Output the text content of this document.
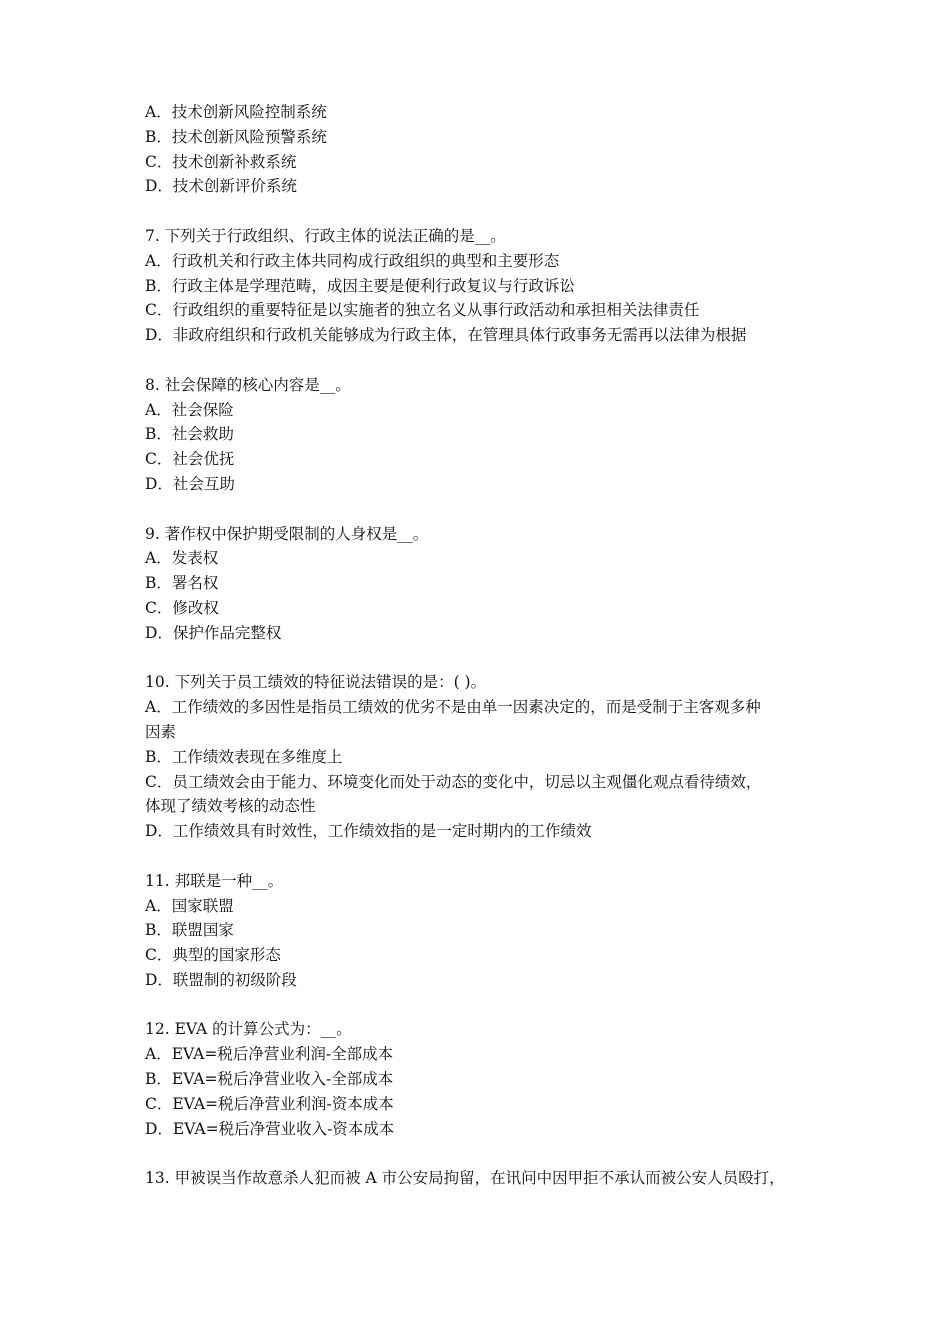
A．技术创新风险控制系统
B．技术创新风险预警系统
C．技术创新补救系统
D．技术创新评价系统
7. 下列关于行政组织、行政主体的说法正确的是__。
A．行政机关和行政主体共同构成行政组织的典型和主要形态
B．行政主体是学理范畴，成因主要是便利行政复议与行政诉讼
C．行政组织的重要特征是以实施者的独立名义从事行政活动和承担相关法律责任
D．非政府组织和行政机关能够成为行政主体，在管理具体行政事务无需再以法律为根据
8. 社会保障的核心内容是__。
A．社会保险
B．社会救助
C．社会优抚
D．社会互助
9. 著作权中保护期受限制的人身权是__。
A．发表权
B．署名权
C．修改权
D．保护作品完整权
10. 下列关于员工绩效的特征说法错误的是：( )。
A．工作绩效的多因性是指员工绩效的优劣不是由单一因素决定的，而是受制于主客观多种
因素
B．工作绩效表现在多维度上
C．员工绩效会由于能力、环境变化而处于动态的变化中，切忌以主观僵化观点看待绩效，
体现了绩效考核的动态性
D．工作绩效具有时效性，工作绩效指的是一定时期内的工作绩效
11. 邦联是一种__。
A．国家联盟
B．联盟国家
C．典型的国家形态
D．联盟制的初级阶段
12. EVA 的计算公式为：__。
A．EVA=税后净营业利润-全部成本
B．EVA=税后净营业收入-全部成本
C．EVA=税后净营业利润-资本成本
D．EVA=税后净营业收入-资本成本
13. 甲被误当作故意杀人犯而被 A 市公安局拘留，在讯问中因甲拒不承认而被公安人员殴打，
